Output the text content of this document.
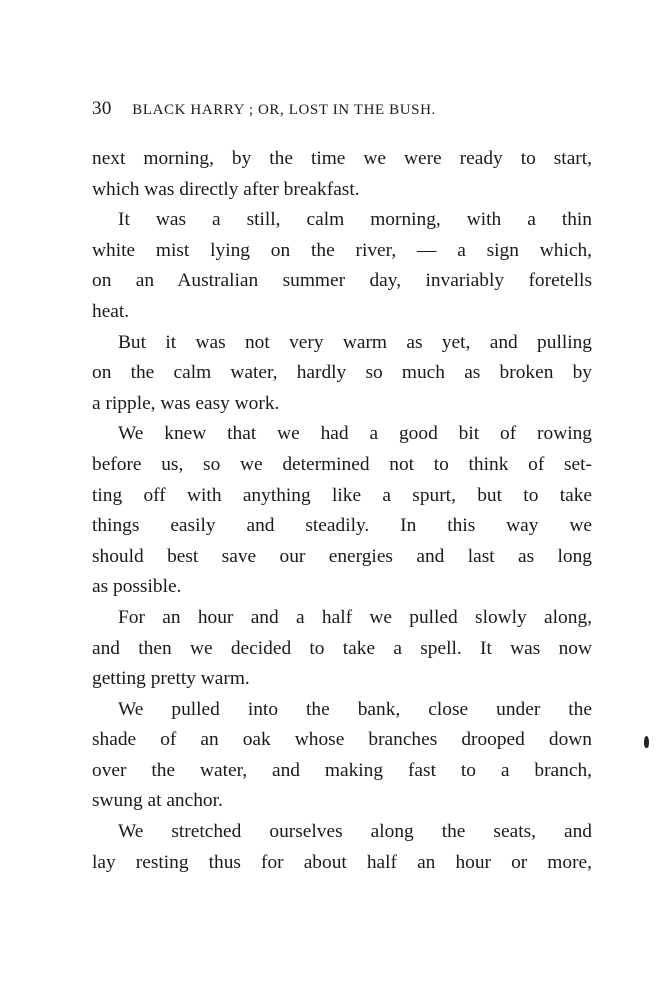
30 BLACK HARRY ; OR, LOST IN THE BUSH.

next morning, by the time we were ready to start,
which was directly after breakfast.

It was a still, calm morning, with a thin
white mist lying on the river, — a sign which,
on an Australian summer day, invariably foretells
heat.

But it was not very warm as yet, and pulling
on the calm water, hardly so much as broken by
a ripple, was easy work.

We knew that we had a good bit of rowing
before us, so we determined not to think of set-
ting off with anything like a spurt, but to take
things easily and steadily. In this way we
should best save our energies and last as long
as possible.

For an hour and a half we pulled slowly along,
and then we decided to take a spell. It was now
getting pretty warm.

We pulled into the bank, close under the
shade of an oak whose branches drooped down
over the water, and making fast to a branch,
swung at anchor.

We stretched ourselves along the seats, and
lay resting thus for about half an hour or more,
